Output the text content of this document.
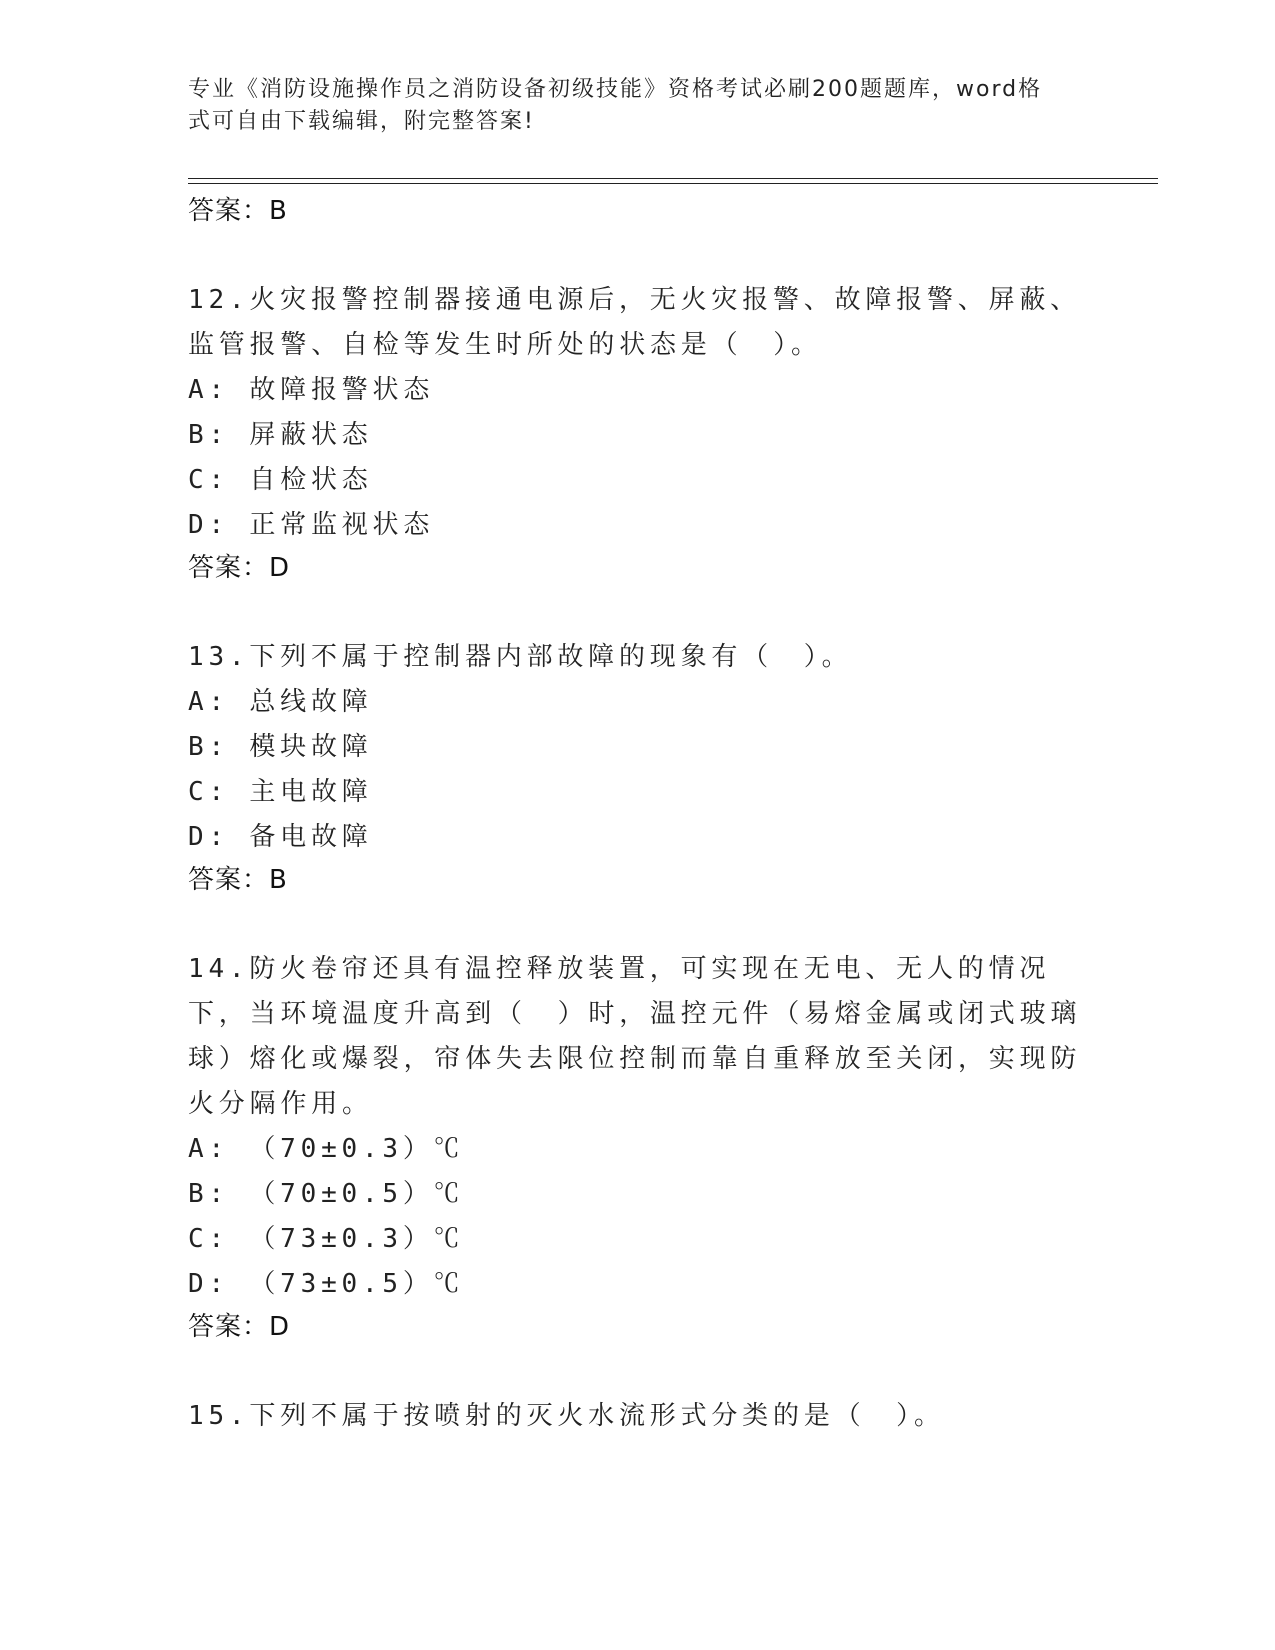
专业《消防设施操作员之消防设备初级技能》资格考试必刷200题题库，word格
式可自由下载编辑，附完整答案!
答案：B
12.火灾报警控制器接通电源后，无火灾报警、故障报警、屏蔽、监管报警、自检等发生时所处的状态是（　）。
A: 故障报警状态
B: 屏蔽状态
C: 自检状态
D: 正常监视状态
答案：D
13.下列不属于控制器内部故障的现象有（　）。
A: 总线故障
B: 模块故障
C: 主电故障
D: 备电故障
答案：B
14.防火卷帘还具有温控释放装置，可实现在无电、无人的情况下，当环境温度升高到（　）时，温控元件（易熔金属或闭式玻璃球）熔化或爆裂，帘体失去限位控制而靠自重释放至关闭，实现防火分隔作用。
A: （70±0.3）℃
B: （70±0.5）℃
C: （73±0.3）℃
D: （73±0.5）℃
答案：D
15.下列不属于按喷射的灭火水流形式分类的是（　）。
